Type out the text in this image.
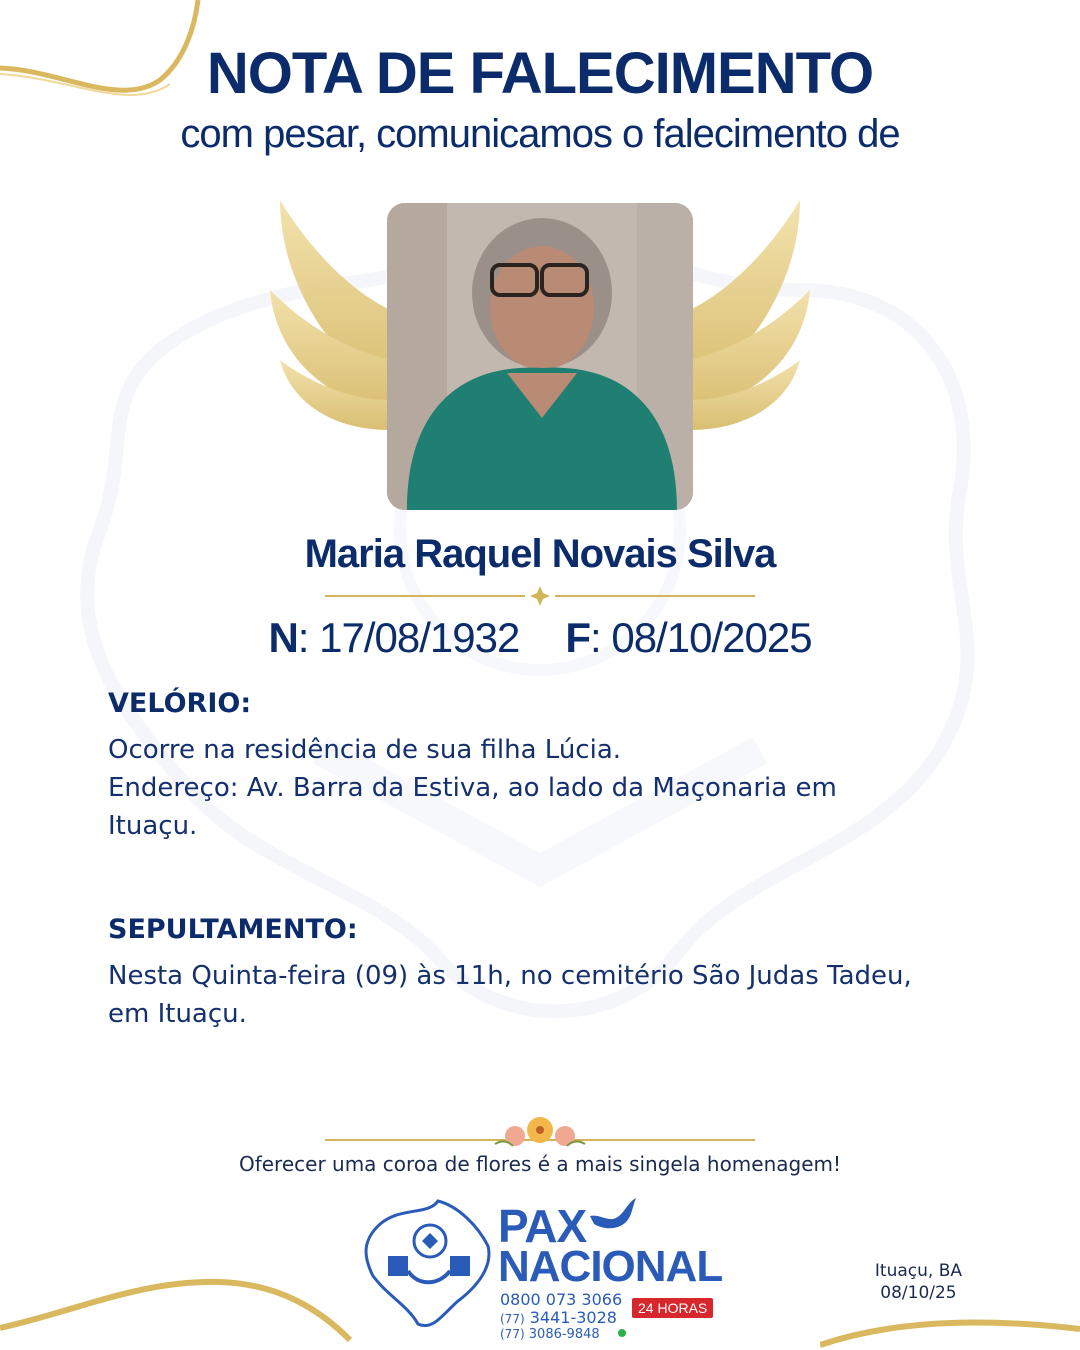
NOTA DE FALECIMENTO
com pesar, comunicamos o falecimento de
Maria Raquel Novais Silva
N: 17/08/1932 F: 08/10/2025
VELÓRIO:
Ocorre na residência de sua filha Lúcia.
Endereço: Av. Barra da Estiva, ao lado da Maçonaria em
Ituaçu.
SEPULTAMENTO:
Nesta Quinta-feira (09) às 11h, no cemitério São Judas Tadeu,
em Ituaçu.
Oferecer uma coroa de flores é a mais singela homenagem!
PAX
NACIONAL
0800 073 3066
(77) 3441-3028	24 HORAS
(77) 3086-9848
Ituaçu, BA
08/10/25
